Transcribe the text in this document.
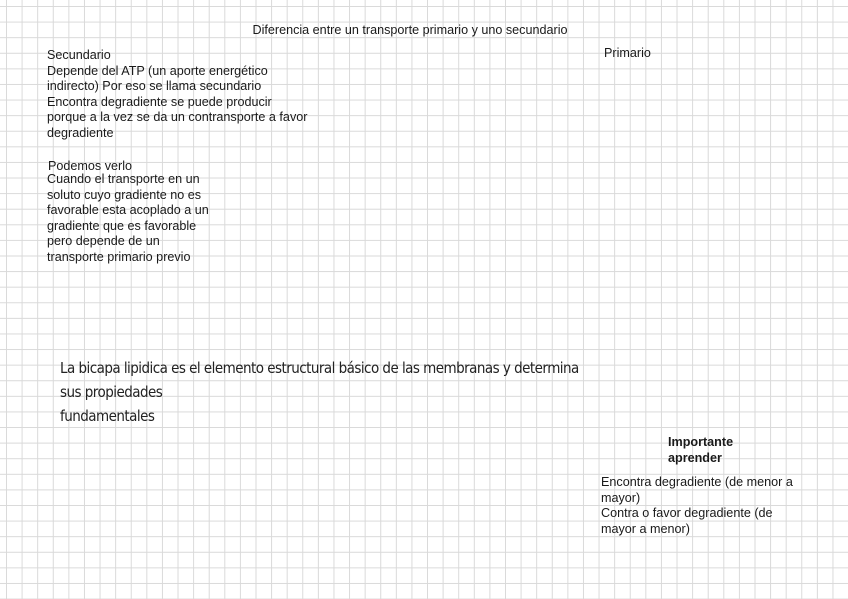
Diferencia entre un transporte primario y uno secundario

Secundario
Depende del ATP (un aporte energético
indirecto) Por eso se llama secundario
Encontra degradiente se puede producir
porque a la vez se da un contransporte a favor
degradiente

Podemos verlo

Cuando el transporte en un
soluto cuyo gradiente no es
favorable esta acoplado a un
gradiente que es favorable
pero depende de un
transporte primario previo

Primario

La bicapa lipidica es el elemento estructural básico de las membranas y determina sus propiedades
fundamentales

Importante
aprender

Encontra degradiente (de menor a
mayor)
Contra o favor degradiente (de
mayor a menor)
